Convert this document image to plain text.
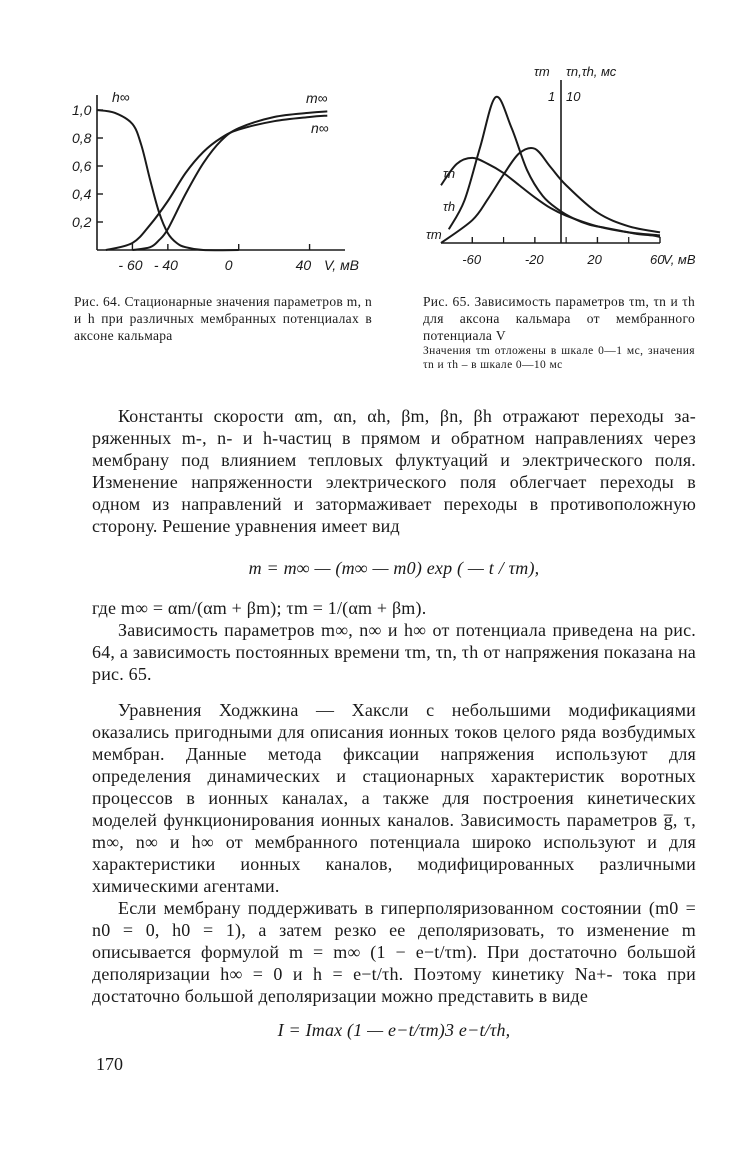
1,0
0,8
0,6
0,4
0,2
- 60 - 40	0	40
h∞	m∞
n∞
V, мВ	-60	-20	20	60
τm τn,τh, мс
1 10
τn
τh
τm
V, мВ
Рис. 64. Стационарные значения параметров m, n и h при различных мембранных потенциалах в аксоне кальмара
Рис. 65. Зависимость параметров τm, τn и τh для аксона кальмара от мембранного потенциала V
Значения τm отложены в шкале 0—1 мс, значения τn и τh – в шкале 0—10 мс

Константы скорости αm, αn, αh, βm, βn, βh отражают переходы за- ряженных m-, n- и h-частиц в прямом и обратном направлениях через мембрану под влиянием тепловых флуктуаций и электрического поля. Изменение напряженности электрического поля облегчает переходы в одном из направлений и затормаживает переходы в противоположную сторону. Решение уравнения имеет вид

m = m∞ — (m∞ — m0) exp ( — t / τm),

где m∞ = αm/(αm + βm); τm = 1/(αm + βm).

Зависимость параметров m∞, n∞ и h∞ от потенциала приведена на рис. 64, а зависимость постоянных времени τm, τn, τh от напряжения показана на рис. 65.

Уравнения Ходжкина — Хаксли с небольшими модификациями оказались пригодными для описания ионных токов целого ряда возбудимых мембран. Данные метода фиксации напряжения используют для определения динамических и стационарных характеристик воротных процессов в ионных каналах, а также для построения кинетических моделей функционирования ионных каналов. Зависимость параметров g̅, τ, m∞, n∞ и h∞ от мембранного потенциала широко используют и для характеристики ионных каналов, модифицированных различными химическими агентами.

Если мембрану поддерживать в гиперполяризованном состоянии (m0 = n0 = 0, h0 = 1), а затем резко ее деполяризовать, то изменение m описывается формулой m = m∞ (1 − e−t/τm). При достаточно большой деполяризации h∞ = 0 и h = e−t/τh. Поэтому кинетику Na+- тока при достаточно большой деполяризации можно представить в виде

I = Imax (1 — e−t/τm)3 e−t/τh,
170
